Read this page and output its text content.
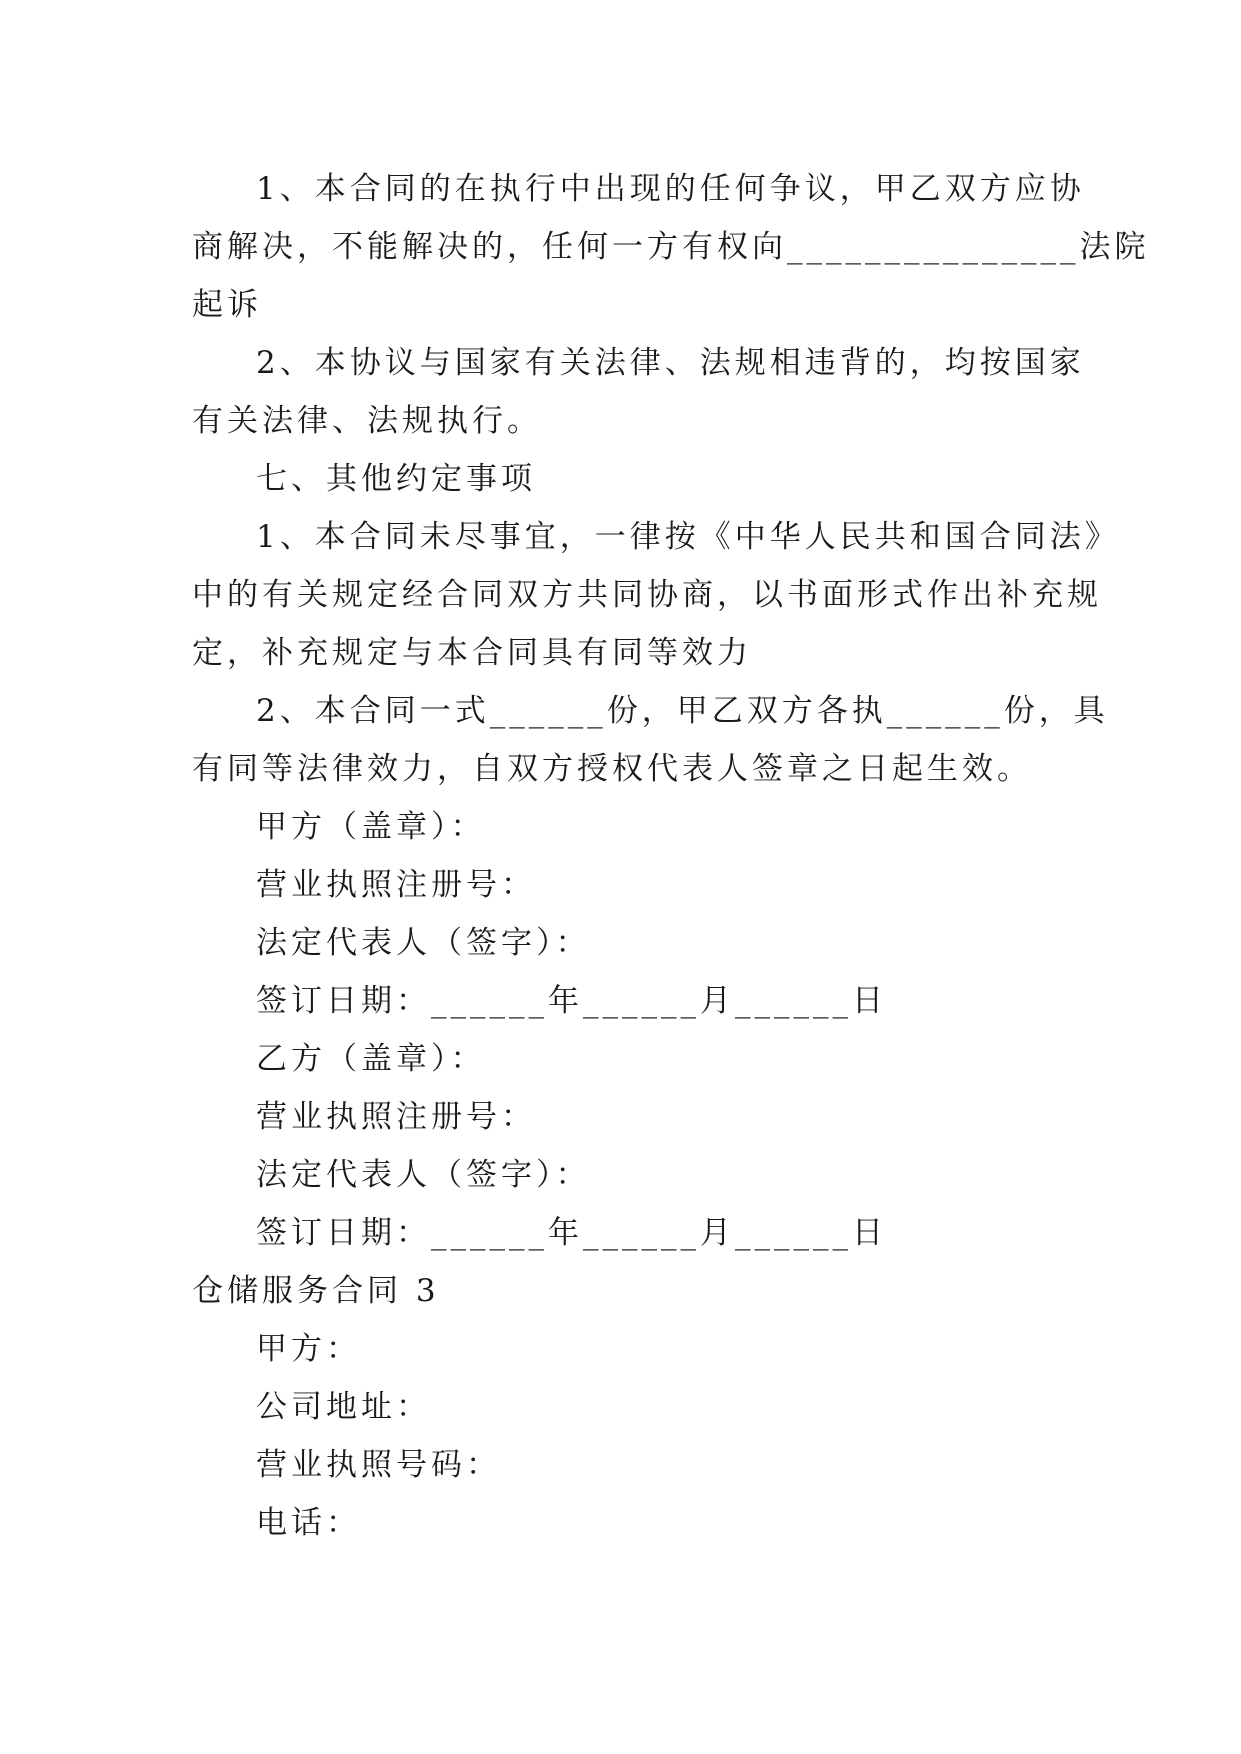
1、本合同的在执行中出现的任何争议，甲乙双方应协
商解决，不能解决的，任何一方有权向_______________法院
起诉
2、本协议与国家有关法律、法规相违背的，均按国家
有关法律、法规执行。
七、其他约定事项
1、本合同未尽事宜，一律按《中华人民共和国合同法》
中的有关规定经合同双方共同协商，以书面形式作出补充规
定，补充规定与本合同具有同等效力
2、本合同一式______份，甲乙双方各执______份，具
有同等法律效力，自双方授权代表人签章之日起生效。
甲方（盖章）：
营业执照注册号：
法定代表人（签字）：
签订日期：______年______月______日
乙方（盖章）：
营业执照注册号：
法定代表人（签字）：
签订日期：______年______月______日
仓储服务合同 3
甲方：
公司地址：
营业执照号码：
电话：
